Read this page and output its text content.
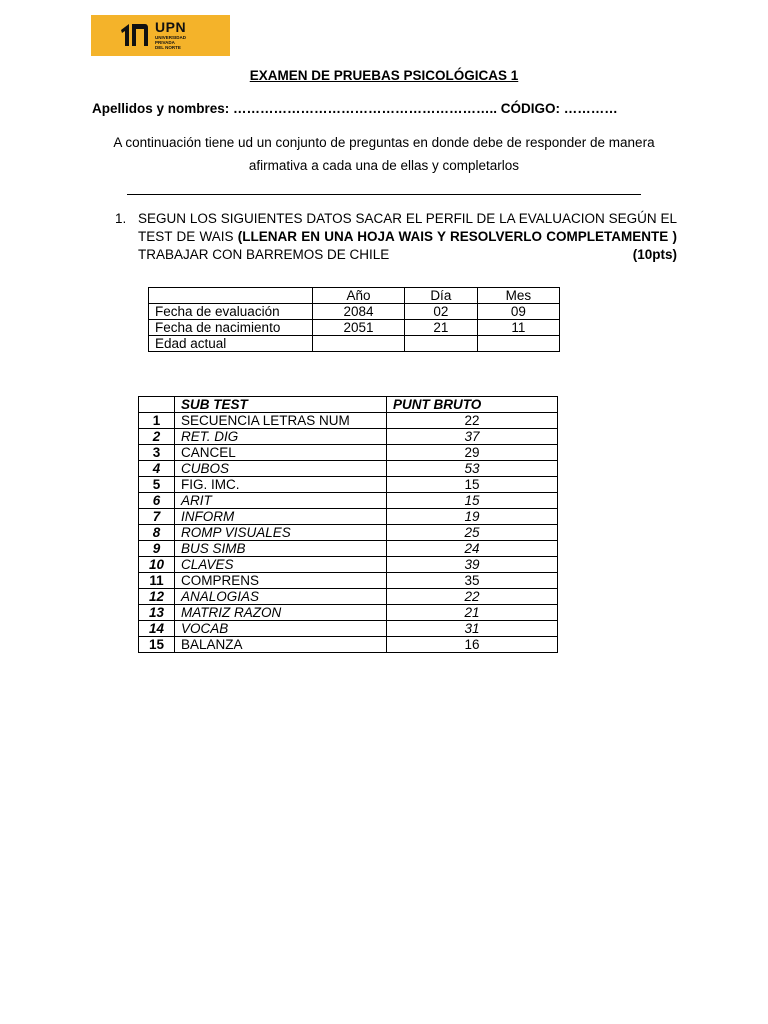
UPN
UNIVERSIDAD
PRIVADA
DEL NORTE
EXAMEN DE PRUEBAS PSICOLÓGICAS 1
Apellidos y nombres: ………………………………………………….. CÓDIGO: …………
A continuación tiene ud un conjunto de preguntas en donde debe de responder de manera afirmativa a cada una de ellas y completarlos
1. SEGUN LOS SIGUIENTES DATOS SACAR EL PERFIL DE LA EVALUACION SEGÚN EL TEST DE WAIS (LLENAR EN UNA HOJA WAIS Y RESOLVERLO COMPLETAMENTE ) TRABAJAR CON BARREMOS DE CHILE	(10pts)
	Año	Día	Mes
Fecha de evaluación	2084	02	09
Fecha de nacimiento	2051	21	11
Edad actual			
	SUB TEST	PUNT BRUTO
1	SECUENCIA LETRAS NUM	22
2	RET. DIG	37
3	CANCEL	29
4	CUBOS	53
5	FIG. IMC.	15
6	ARIT	15
7	INFORM	19
8	ROMP VISUALES	25
9	BUS SIMB	24
10	CLAVES	39
11	COMPRENS	35
12	ANALOGIAS	22
13	MATRIZ RAZON	21
14	VOCAB	31
15	BALANZA	16
